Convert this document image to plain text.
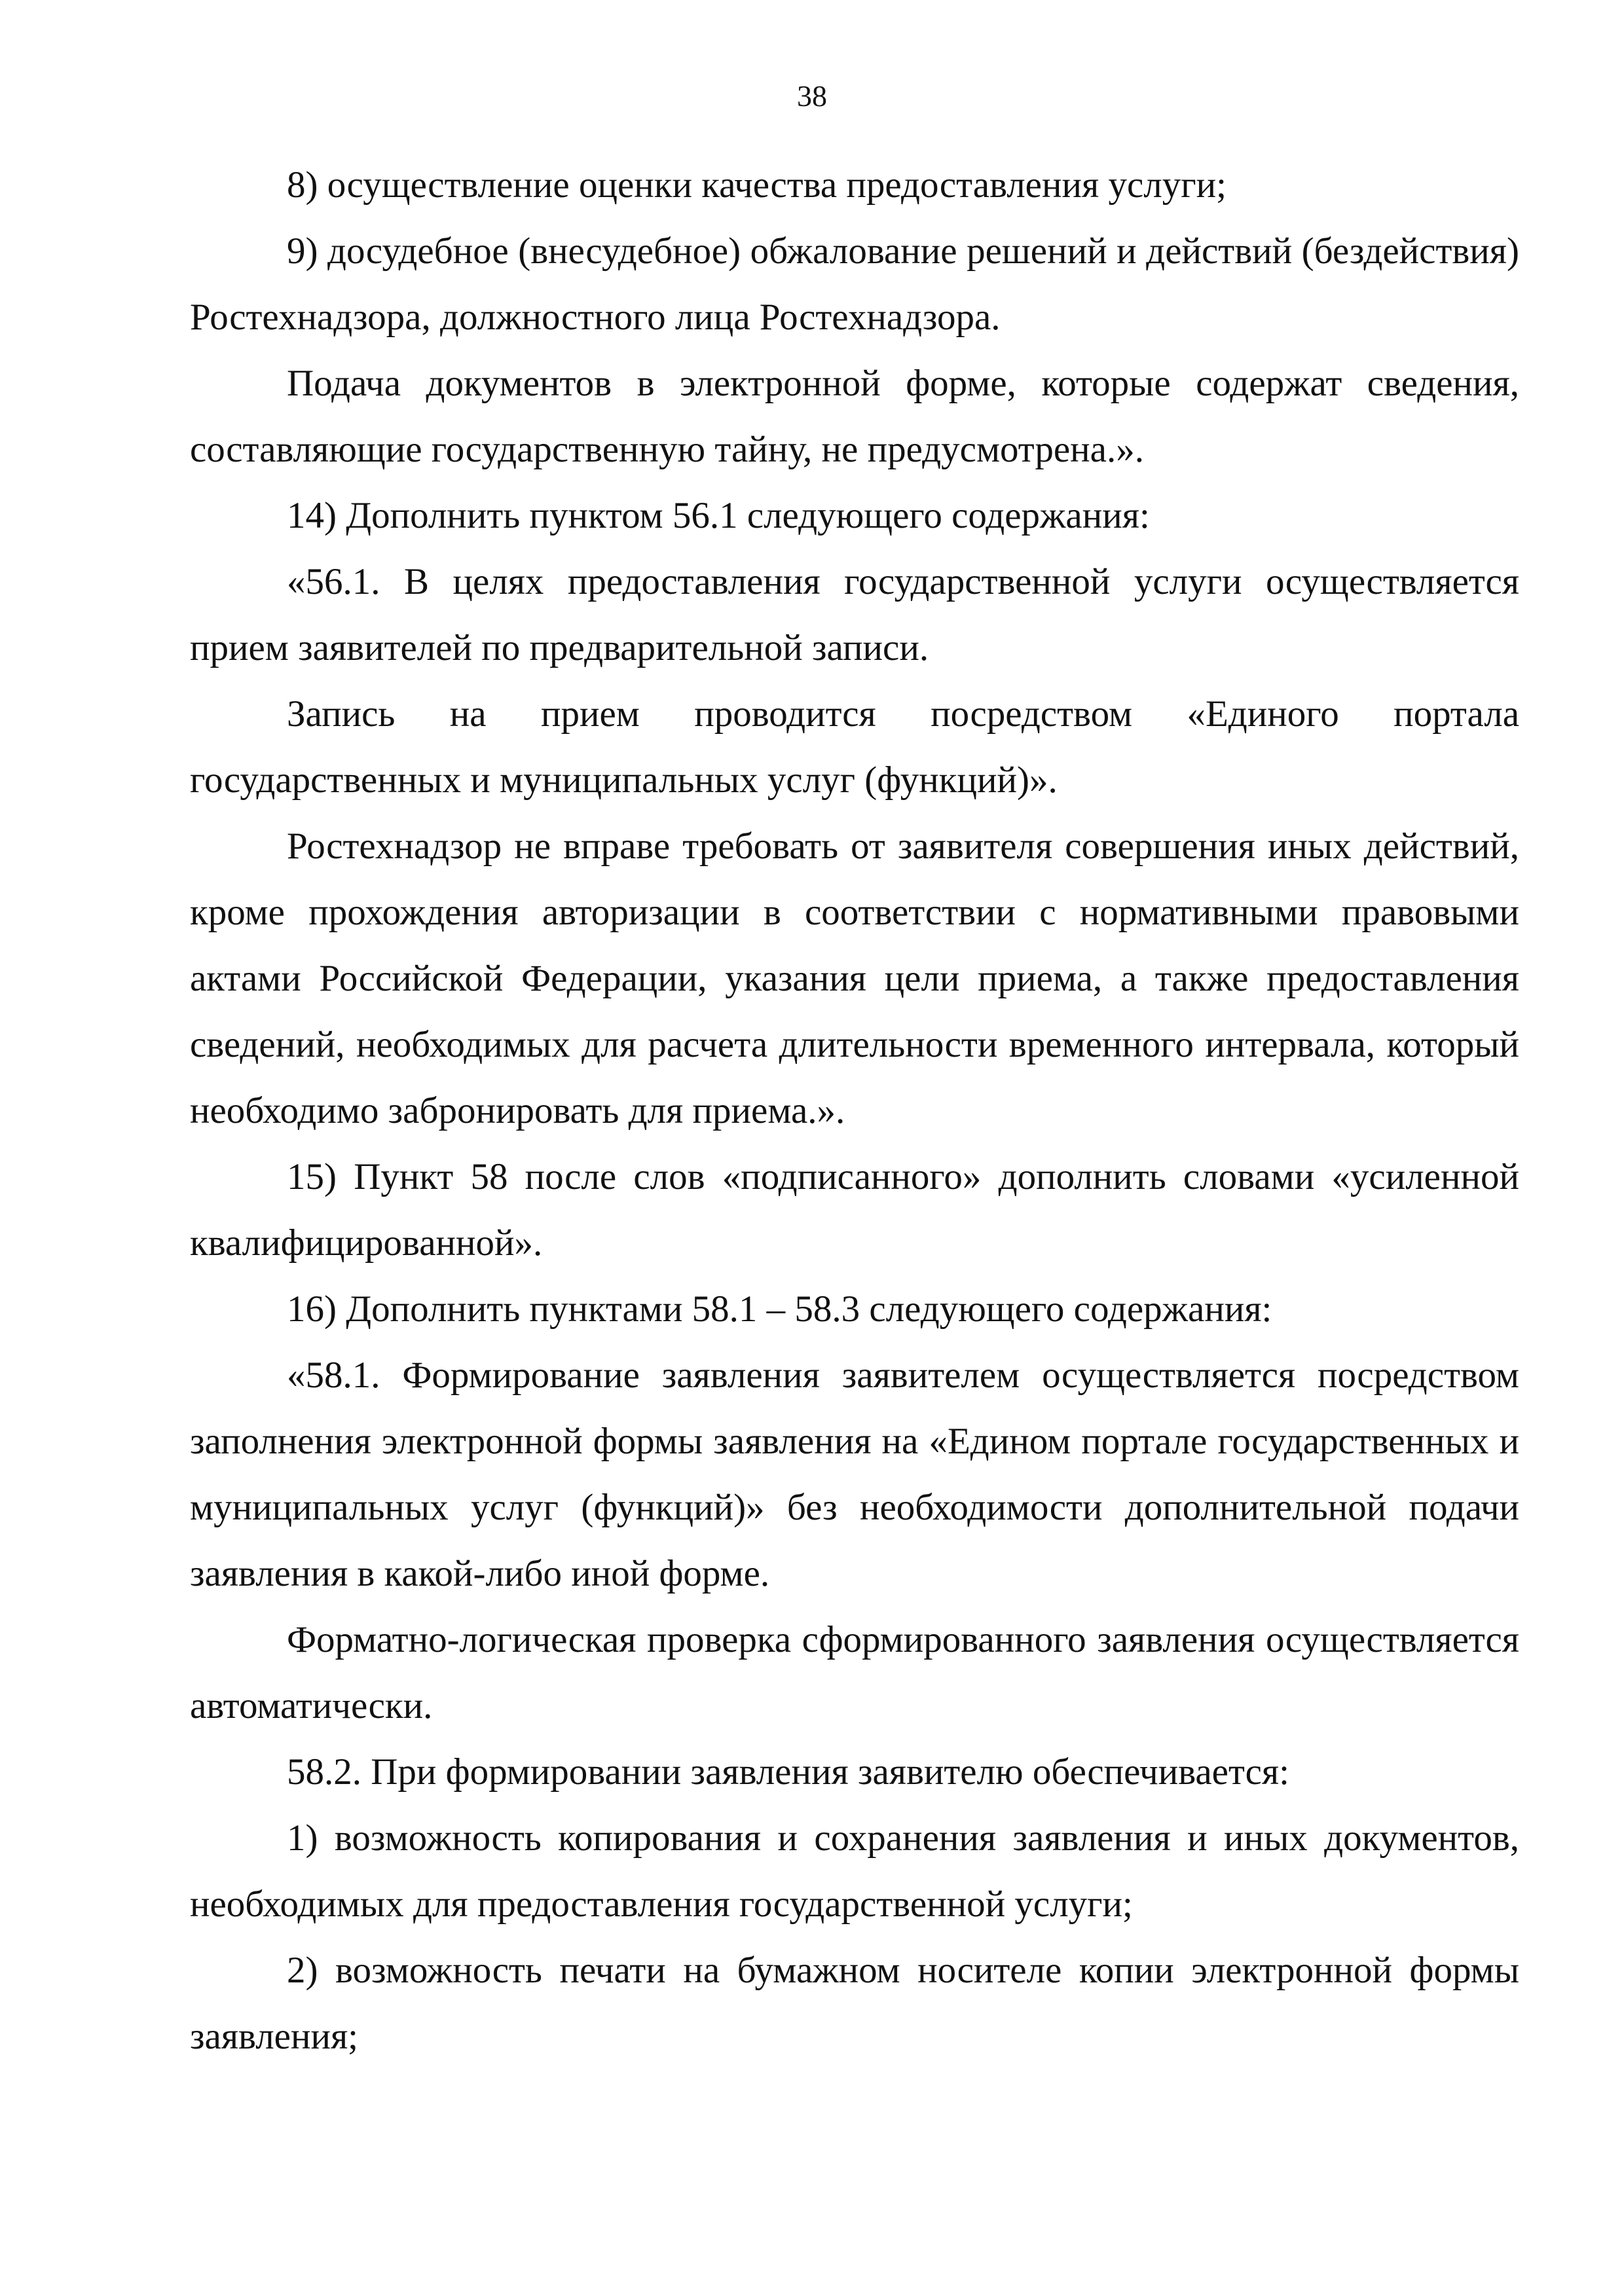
38

8) осуществление оценки качества предоставления услуги;

9) досудебное (внесудебное) обжалование решений и действий (бездействия) Ростехнадзора, должностного лица Ростехнадзора.

Подача документов в электронной форме, которые содержат сведения, составляющие государственную тайну, не предусмотрена.».

14) Дополнить пунктом 56.1 следующего содержания:

«56.1. В целях предоставления государственной услуги осуществляется прием заявителей по предварительной записи.

Запись на прием проводится посредством «Единого портала государственных и муниципальных услуг (функций)».

Ростехнадзор не вправе требовать от заявителя совершения иных действий, кроме прохождения авторизации в соответствии с нормативными правовыми актами Российской Федерации, указания цели приема, а также предоставления сведений, необходимых для расчета длительности временного интервала, который необходимо забронировать для приема.».

15) Пункт 58 после слов «подписанного» дополнить словами «усиленной квалифицированной».

16) Дополнить пунктами 58.1 – 58.3 следующего содержания:

«58.1. Формирование заявления заявителем осуществляется посредством заполнения электронной формы заявления на «Едином портале государственных и муниципальных услуг (функций)» без необходимости дополнительной подачи заявления в какой-либо иной форме.

Форматно-логическая проверка сформированного заявления осуществляется автоматически.

58.2. При формировании заявления заявителю обеспечивается:

1) возможность копирования и сохранения заявления и иных документов, необходимых для предоставления государственной услуги;

2) возможность печати на бумажном носителе копии электронной формы заявления;
